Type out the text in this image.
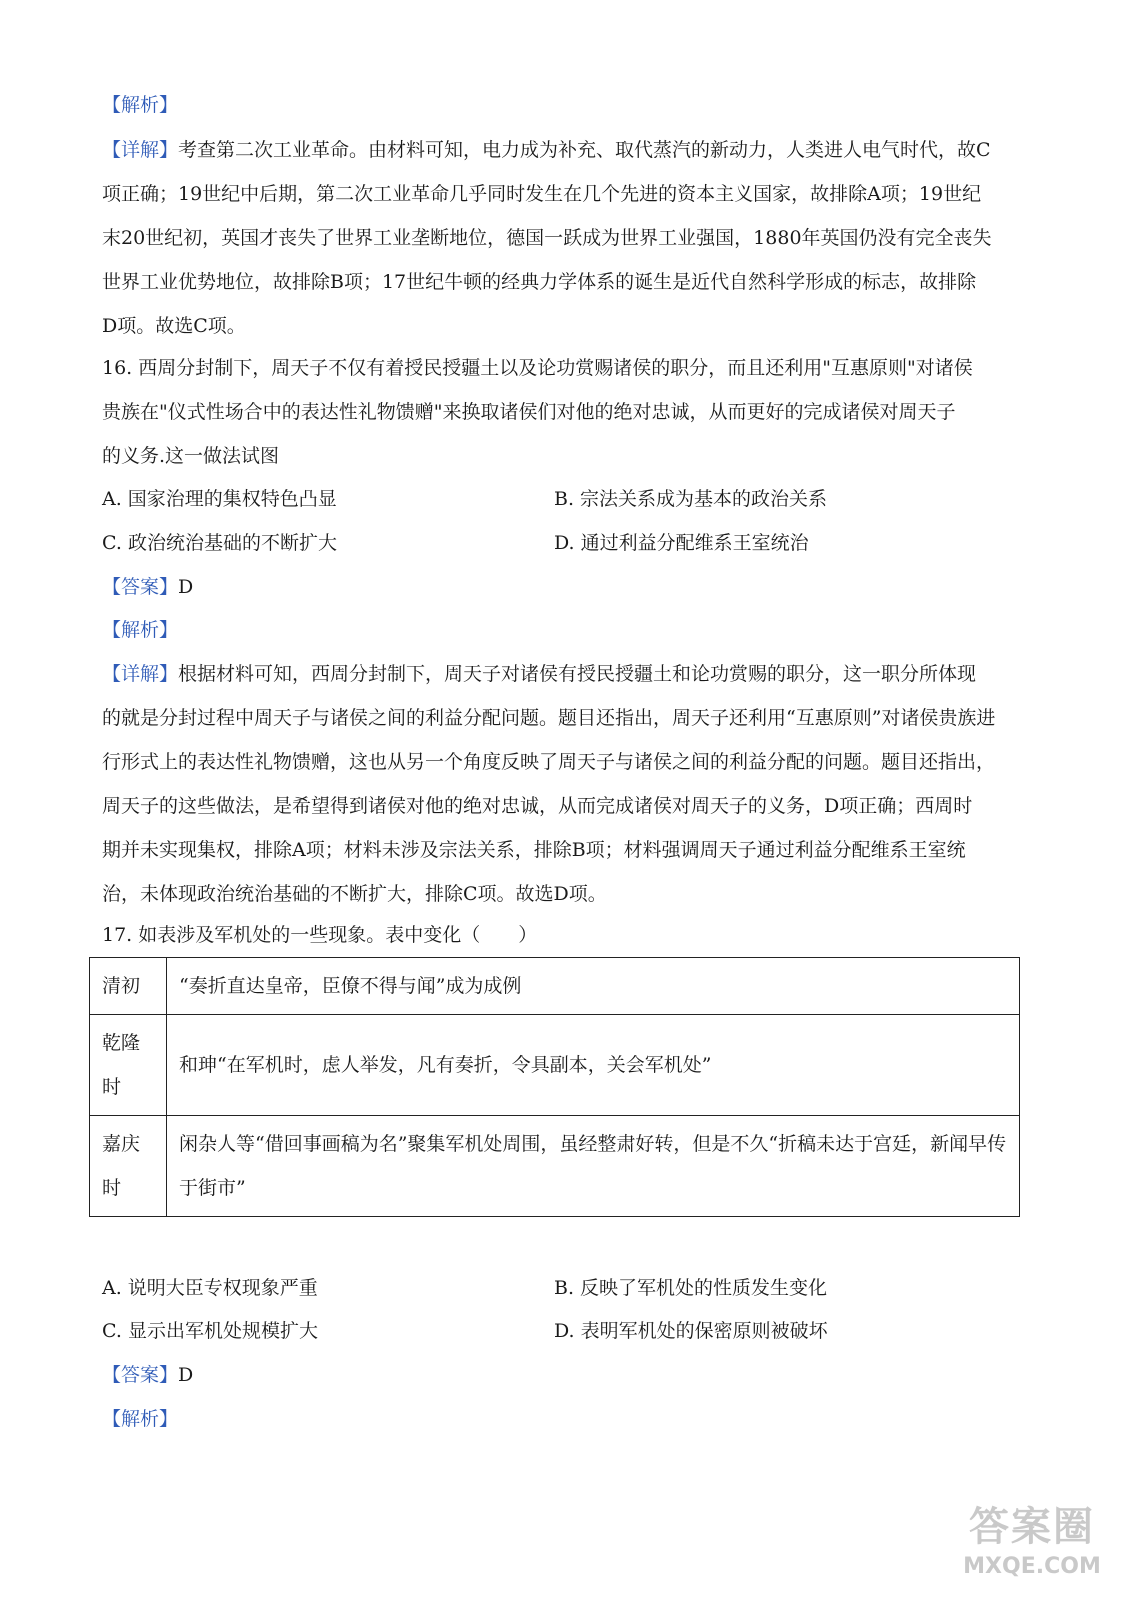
【解析】
【详解】考查第二次工业革命。由材料可知，电力成为补充、取代蒸汽的新动力，人类进人电气时代，故C
项正确；19世纪中后期，第二次工业革命几乎同时发生在几个先进的资本主义国家，故排除A项；19世纪
末20世纪初，英国才丧失了世界工业垄断地位，德国一跃成为世界工业强国，1880年英国仍没有完全丧失
世界工业优势地位，故排除B项；17世纪牛顿的经典力学体系的诞生是近代自然科学形成的标志，故排除
D项。故选C项。
16. 西周分封制下，周天子不仅有着授民授疆土以及论功赏赐诸侯的职分，而且还利用"互惠原则"对诸侯
贵族在"仪式性场合中的表达性礼物馈赠"来换取诸侯们对他的绝对忠诚，从而更好的完成诸侯对周天子
的义务.这一做法试图
A. 国家治理的集权特色凸显	B. 宗法关系成为基本的政治关系
C. 政治统治基础的不断扩大	D. 通过利益分配维系王室统治
【答案】D
【解析】
【详解】根据材料可知，西周分封制下，周天子对诸侯有授民授疆土和论功赏赐的职分，这一职分所体现
的就是分封过程中周天子与诸侯之间的利益分配问题。题目还指出，周天子还利用“互惠原则”对诸侯贵族进
行形式上的表达性礼物馈赠，这也从另一个角度反映了周天子与诸侯之间的利益分配的问题。题目还指出，
周天子的这些做法，是希望得到诸侯对他的绝对忠诚，从而完成诸侯对周天子的义务，D项正确；西周时
期并未实现集权，排除A项；材料未涉及宗法关系，排除B项；材料强调周天子通过利益分配维系王室统
治，未体现政治统治基础的不断扩大，排除C项。故选D项。
17. 如表涉及军机处的一些现象。表中变化（　　）
清初	“奏折直达皇帝，臣僚不得与闻”成为成例
乾隆时	和珅“在军机时，虑人举发，凡有奏折，令具副本，关会军机处”
嘉庆时	闲杂人等“借回事画稿为名”聚集军机处周围，虽经整肃好转，但是不久“折稿未达于宫廷，新闻早传于街市”
A. 说明大臣专权现象严重	B. 反映了军机处的性质发生变化
C. 显示出军机处规模扩大	D. 表明军机处的保密原则被破坏
【答案】D
【解析】
答案圈
MXQE.COM
